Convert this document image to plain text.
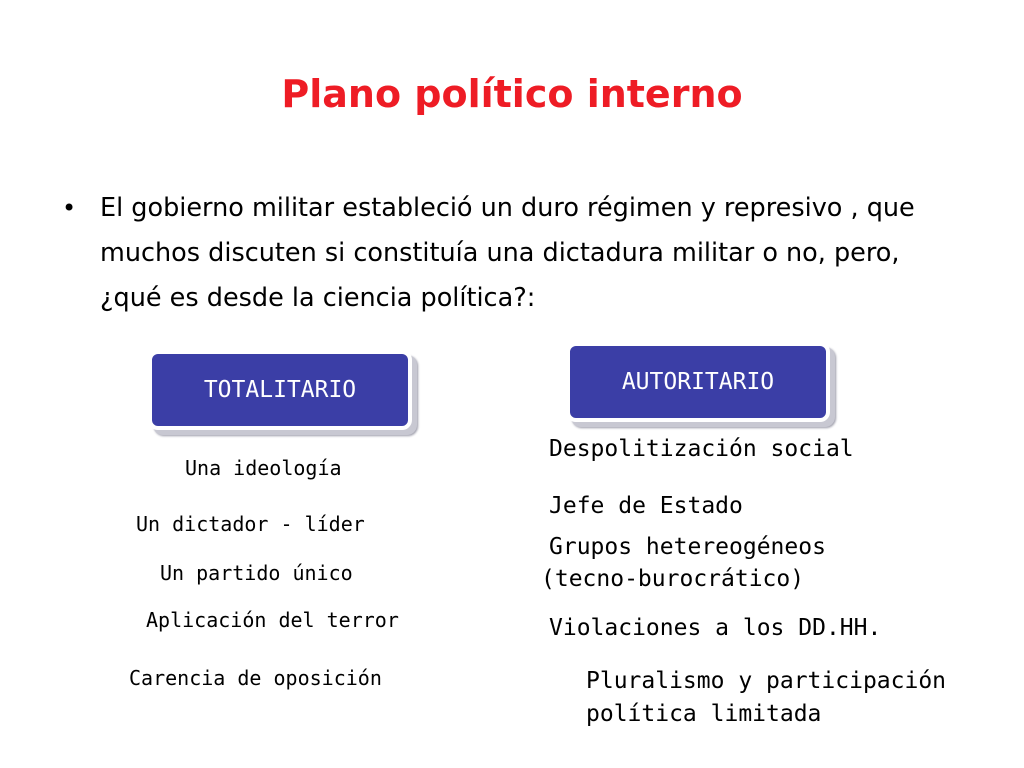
Plano político interno
• El gobierno militar estableció un duro régimen y represivo , que muchos discuten si constituía una dictadura militar o no, pero, ¿qué es desde la ciencia política?:
TOTALITARIO	AUTORITARIO
Una ideología
Un dictador - líder
Un partido único
Aplicación del terror
Carencia de oposición
Despolitización social
Jefe de Estado
Grupos hetereogéneos
(tecno-burocrático)
Violaciones a los DD.HH.
Pluralismo y participación
política limitada
